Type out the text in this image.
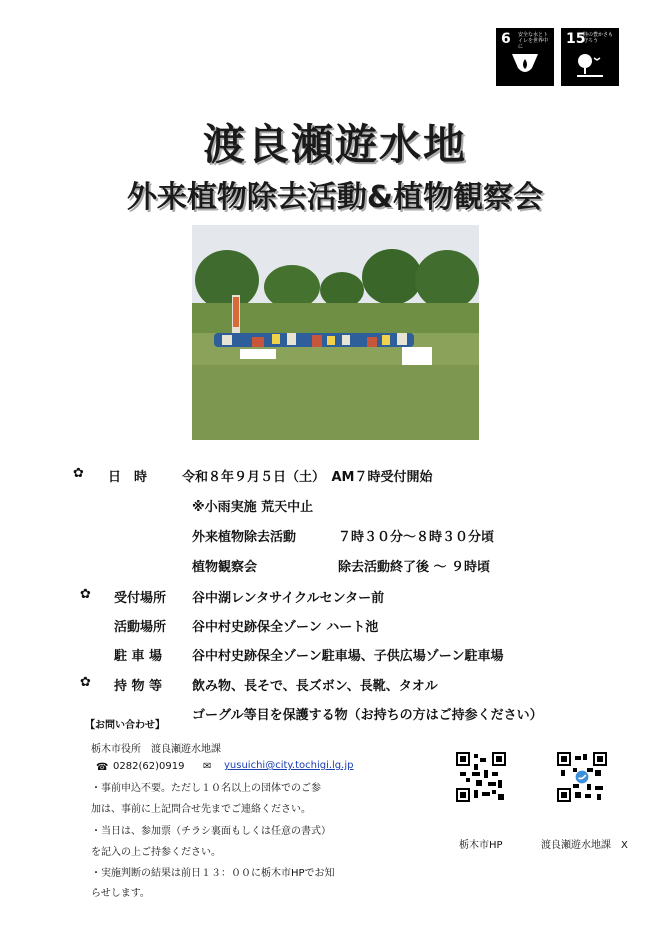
6 安全な水とトイレを世界中に	15
陸の豊かさも守ろう
渡良瀬遊水地
外来植物除去活動&植物観察会
✿ 日　時	令和８年９月５日（土）　AM７時受付開始
※小雨実施 荒天中止
外来植物除去活動	７時３０分～８時３０分頃
植物観察会	除去活動終了後 ～ ９時頃
✿ 受付場所 谷中湖レンタサイクルセンター前
活動場所 谷中村史跡保全ゾーン ハート池
駐 車 場 谷中村史跡保全ゾーン駐車場、子供広場ゾーン駐車場
✿ 持 物 等 飲み物、長そで、長ズボン、長靴、タオル
ゴーグル等目を保護する物（お持ちの方はご持参ください）
【お問い合わせ】
栃木市役所　渡良瀬遊水地課
☎ 0282(62)0919 ✉ yusuichi@city.tochigi.lg.jp
・事前申込不要。ただし１０名以上の団体でのご参
加は、事前に上記問合せ先までご連絡ください。
・当日は、参加票（チラシ裏面もしくは任意の書式）
を記入の上ご持参ください。
・実施判断の結果は前日１３：００に栃木市HPでお知
らせします。
栃木市HP	渡良瀬遊水地課　X
